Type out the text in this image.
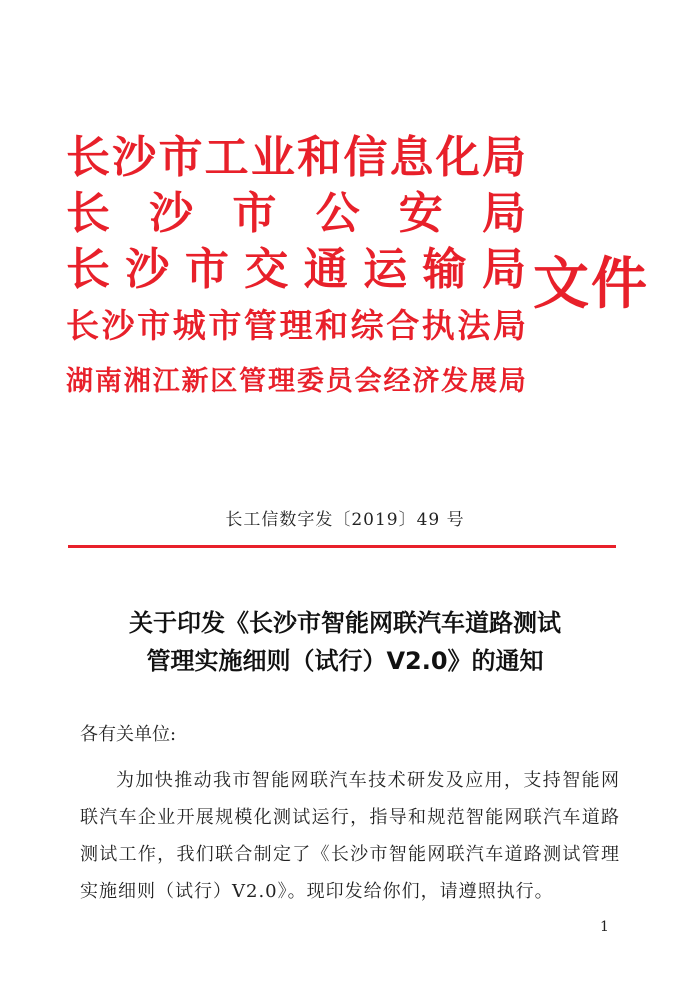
长 沙 市 工 业 和 信 息 化 局
长 沙 市 公 安 局
长 沙 市 交 通 运 输 局
长 沙 市 城 市 管 理 和 综 合 执 法 局
湖 南 湘 江 新 区 管 理 委 员 会 经 济 发 展 局
文件
长工信数字发〔2019〕49 号
关于印发《长沙市智能网联汽车道路测试
管理实施细则（试行）V2.0》的通知
各有关单位:
为加快推动我市智能网联汽车技术研发及应用，支持智能网联汽车企业开展规模化测试运行，指导和规范智能网联汽车道路测试工作，我们联合制定了《长沙市智能网联汽车道路测试管理实施细则（试行）V2.0》。现印发给你们，请遵照执行。
1
